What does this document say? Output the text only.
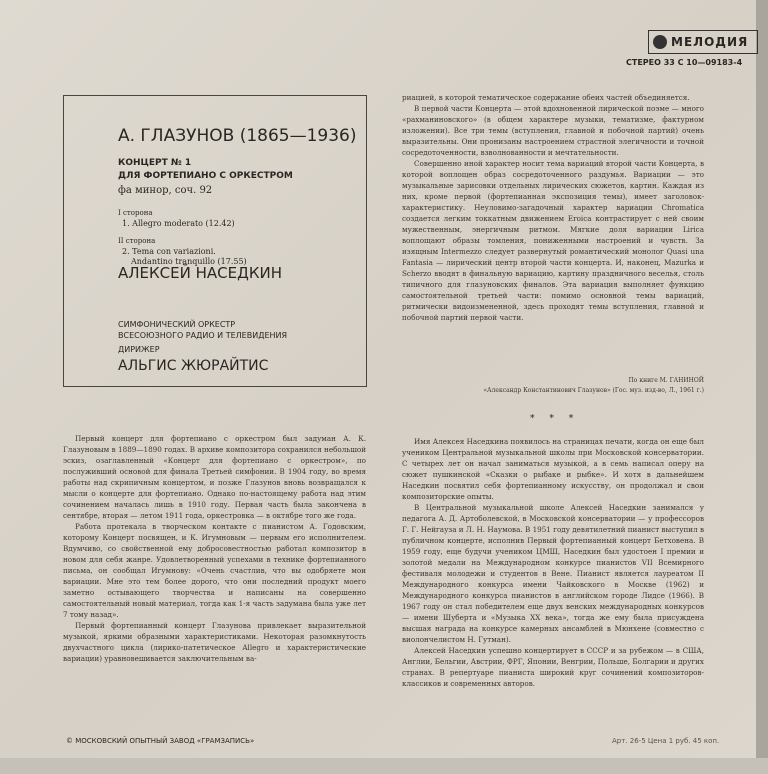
МЕЛОДИЯ
СТЕРЕО 33 С 10—09183-4
А. ГЛАЗУНОВ (1865—1936)
КОНЦЕРТ № 1
ДЛЯ ФОРТЕПИАНО С ОРКЕСТРОМ
фа минор, соч. 92
I сторона
1. Allegro moderato (12.42)
II сторона
2. Tema con variazioni.
Andantino tranquillo (17.55)
АЛЕКСЕЙ НАСЕДКИН
СИМФОНИЧЕСКИЙ ОРКЕСТР
ВСЕСОЮЗНОГО РАДИО И ТЕЛЕВИДЕНИЯ
ДИРИЖЕР
АЛЬГИС ЖЮРАЙТИС

Первый концерт для фортепиано с оркестром был задуман А. К. Глазуновым в 1889—1890 годах. В архиве композитора сохранился небольшой эскиз, озаглавленный «Концерт для фортепиано с оркестром», по послуживший основой для финала Третьей симфонии. В 1904 году, во время работы над скрипичным концертом, и позже Глазунов вновь возвращался к мысли о концерте для фортепиано. Однако по-настоящему работа над этим сочинением началась лишь в 1910 году. Первая часть была закончена в сентябре, вторая — летом 1911 года, оркестровка — в октябре того же года.

Работа протекала в творческом контакте с пианистом А. Годовским, которому Концерт посвящен, и К. Игумновым — первым его исполнителем. Вдумчиво, со свойственной ему добросовестностью работал композитор в новом для себя жанре. Удовлетворенный успехами в технике фортепианного письма, он сообщал Игумнову: «Очень счастлив, что вы одобряете мои вариации. Мне это тем более дорого, что они последний продукт моего заметно остывающего творчества и написаны на совершенно самостоятельный новый материал, тогда как 1-я часть задумана была уже лет 7 тому назад».

Первый фортепианный концерт Глазунова привлекает выразительной музыкой, яркими образными характеристиками. Некоторая разомкнутость двухчастного цикла (лирико-патетическое Allegro и характеристические вариации) уравновешивается заключительным ва-

риацией, в которой тематическое содержание обеих частей объединяется.

В первой части Концерта — этой вдохновенной лирической поэме — много «рахманиновского» (в общем характере музыки, тематизме, фактурном изложении). Все три темы (вступления, главной и побочной партий) очень выразительны. Они пронизаны настроением страстной элегичности и точной сосредоточенности, взволнованности и мечтательности.

Совершенно иной характер носит тема вариаций второй части Концерта, в которой воплощен образ сосредоточенного раздумья. Вариации — это музыкальные зарисовки отдельных лирических сюжетов, картин. Каждая из них, кроме первой (фортепианная экспозиция темы), имеет заголовок-характеристику. Неуловимо-загадочный характер вариации Chromatica создается легким токкатным движением Eroica контрастирует с ней своим мужественным, энергичным ритмом. Мягкие доля вариации Lirica воплощают образы томления, пониженными настроений и чувств. За изящным Intermezzo следует развернутый романтический монолог Quasi una Fantasia — лирический центр второй части концерта. И, наконец, Mazurka и Scherzo вводят в финальную вариацию, картину праздничного веселья, столь типичного для глазуновских финалов. Эта вариация выполняет функцию самостоятельной третьей части: помимо основной темы вариаций, ритмически видоизмененной, здесь проходят темы вступления, главной и побочной партий первой части.

По книге М. ГАНИНОЙ
«Александр Константинович Глазунов» (Гос. муз. изд-во, Л., 1961 г.)
* * *

Имя Алексея Наседкина появилось на страницах печати, когда он еще был учеником Центральной музыкальной школы при Московской консерватории. С четырех лет он начал заниматься музыкой, а в семь написал оперу на сюжет пушкинской «Сказки о рыбаке и рыбке». И хотя в дальнейшем Наседкин посвятил себя фортепианному искусству, он продолжал и свои композиторские опыты.

В Центральной музыкальной школе Алексей Наседкин занимался у педагога А. Д. Артоболевской, в Московской консерватории — у профессоров Г. Г. Нейгауза и Л. Н. Наумова. В 1951 году девятилетний пианист выступил в публичном концерте, исполнив Первый фортепианный концерт Бетховена. В 1959 году, еще будучи учеником ЦМШ, Наседкин был удостоен I премии и золотой медали на Международном конкурсе пианистов VII Всемирного фестиваля молодежи и студентов в Вене. Пианист является лауреатом II Международного конкурса имени Чайковского в Москве (1962) и Международного конкурса пианистов в английском городе Лидсе (1966). В 1967 году он стал победителем еще двух венских международных конкурсов — имени Шуберта и «Музыка XX века», тогда же ему была присуждена высшая награда на конкурсе камерных ансамблей в Мюнхене (совместно с виолончелистом Н. Гутман).

Алексей Наседкин успешно концертирует в СССР и за рубежом — в США, Англии, Бельгии, Австрии, ФРГ, Японии, Венгрии, Польше, Болгарии и других странах. В репертуаре пианиста широкий круг сочинений композиторов-классиков и современных авторов.

© МОСКОВСКИЙ ОПЫТНЫЙ ЗАВОД «ГРАМЗАПИСЬ»	Арт. 26-5 Цена 1 руб. 45 коп.
